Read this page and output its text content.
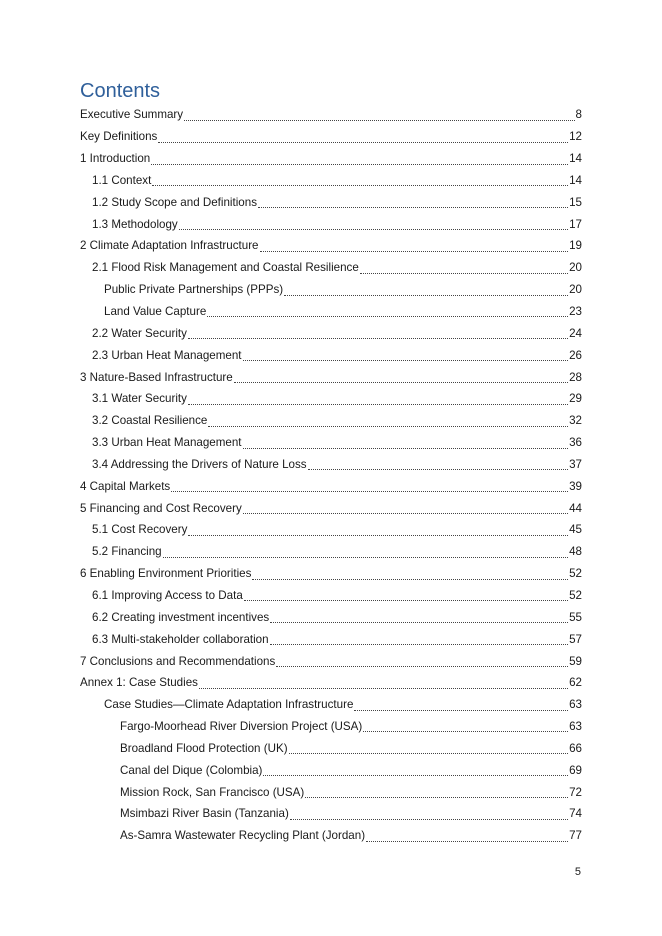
Contents
Executive Summary	8
Key Definitions	12
1 Introduction	14
1.1 Context	14
1.2 Study Scope and Definitions	15
1.3 Methodology	17
2 Climate Adaptation Infrastructure	19
2.1 Flood Risk Management and Coastal Resilience	20
Public Private Partnerships (PPPs)	20
Land Value Capture	23
2.2 Water Security	24
2.3 Urban Heat Management	26
3 Nature-Based Infrastructure	28
3.1 Water Security	29
3.2 Coastal Resilience	32
3.3 Urban Heat Management	36
3.4 Addressing the Drivers of Nature Loss	37
4 Capital Markets	39
5 Financing and Cost Recovery	44
5.1 Cost Recovery	45
5.2 Financing	48
6 Enabling Environment Priorities	52
6.1 Improving Access to Data	52
6.2 Creating investment incentives	55
6.3 Multi-stakeholder collaboration	57
7 Conclusions and Recommendations	59
Annex 1: Case Studies	62
Case Studies—Climate Adaptation Infrastructure	63
Fargo-Moorhead River Diversion Project (USA)	63
Broadland Flood Protection (UK)	66
Canal del Dique (Colombia)	69
Mission Rock, San Francisco (USA)	72
Msimbazi River Basin (Tanzania)	74
As-Samra Wastewater Recycling Plant (Jordan)	77
5
